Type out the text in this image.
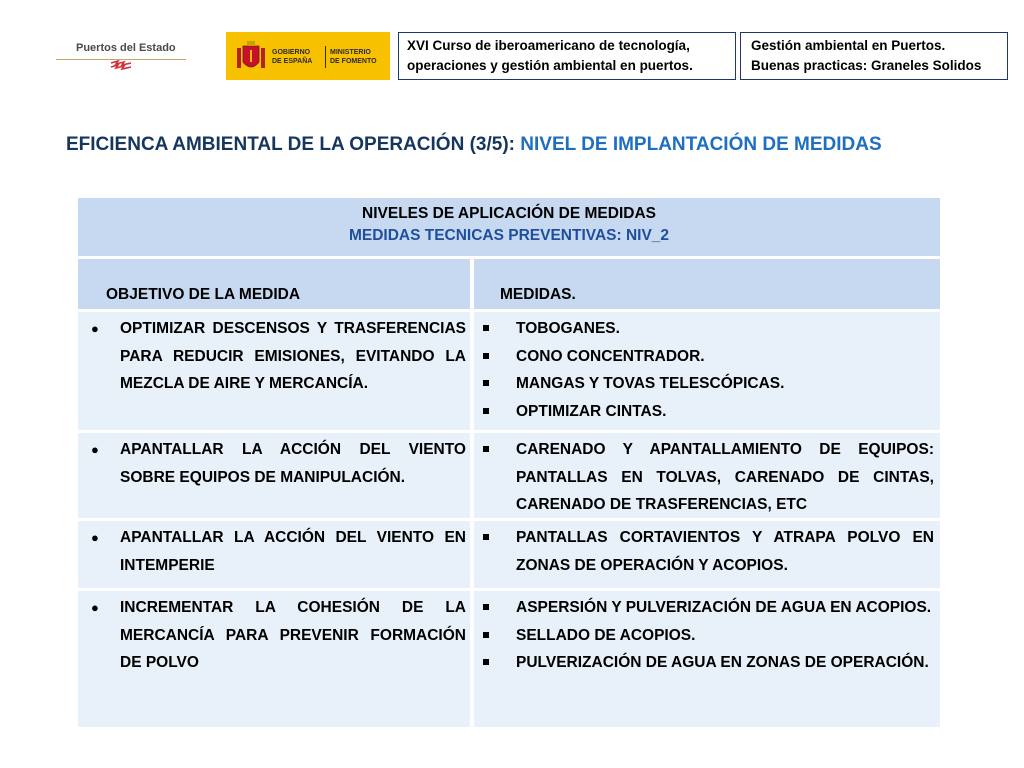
Puertos del Estado	GOBIERNO
DE ESPAÑA
MINISTERIO
DE FOMENTO
XVI Curso de iberoamericano de tecnología,
operaciones y gestión ambiental en puertos.
Gestión ambiental en Puertos.
Buenas practicas: Graneles Solidos
EFICIENCA AMBIENTAL DE LA OPERACIÓN (3/5): NIVEL DE IMPLANTACIÓN DE MEDIDAS
NIVELES DE APLICACIÓN DE MEDIDAS
MEDIDAS TECNICAS PREVENTIVAS: NIV_2
OBJETIVO DE LA MEDIDA	MEDIDAS.
● OPTIMIZAR DESCENSOS Y TRASFERENCIAS PARA REDUCIR EMISIONES, EVITANDO LA MEZCLA DE AIRE Y MERCANCÍA.
TOBOGANES.
CONO CONCENTRADOR.
MANGAS Y TOVAS TELESCÓPICAS.
OPTIMIZAR CINTAS.
● APANTALLAR LA ACCIÓN DEL VIENTO SOBRE EQUIPOS DE MANIPULACIÓN.
CARENADO Y APANTALLAMIENTO DE EQUIPOS: PANTALLAS EN TOLVAS, CARENADO DE CINTAS, CARENADO DE TRASFERENCIAS, ETC
● APANTALLAR LA ACCIÓN DEL VIENTO EN INTEMPERIE
PANTALLAS CORTAVIENTOS Y ATRAPA POLVO EN ZONAS DE OPERACIÓN Y ACOPIOS.
● INCREMENTAR LA COHESIÓN DE LA MERCANCÍA PARA PREVENIR FORMACIÓN DE POLVO
ASPERSIÓN Y PULVERIZACIÓN DE AGUA EN ACOPIOS.
SELLADO DE ACOPIOS.
PULVERIZACIÓN DE AGUA EN ZONAS DE OPERACIÓN.
